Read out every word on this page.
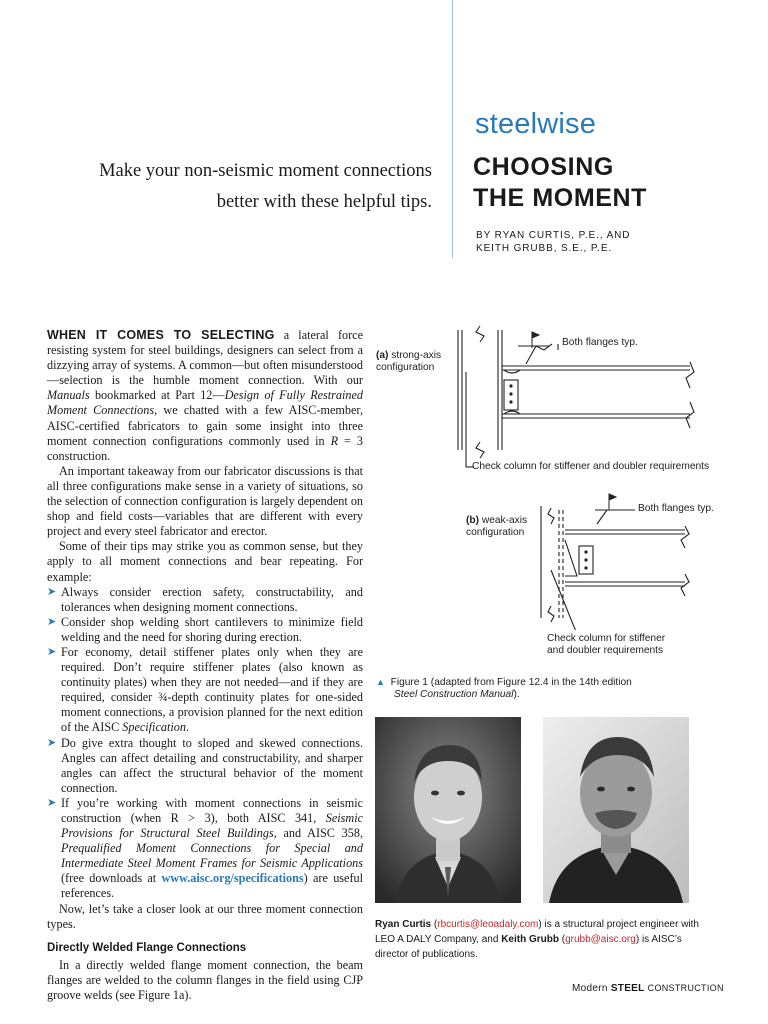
steelwise
Make your non-seismic moment connections
better with these helpful tips.
CHOOSING
THE MOMENT
BY RYAN CURTIS, P.E., AND
KEITH GRUBB, S.E., P.E.

WHEN IT COMES TO SELECTING a lateral force resisting system for steel buildings, designers can select from a dizzying array of systems. A common—but often misunderstood—selection is the humble moment connection. With our Manuals bookmarked at Part 12—Design of Fully Restrained Moment Connections, we chatted with a few AISC-member, AISC-certified fabricators to gain some insight into three moment connection configurations commonly used in R = 3 construction.

An important takeaway from our fabricator discussions is that all three configurations make sense in a variety of situations, so the selection of connection configuration is largely dependent on shop and field costs—variables that are different with every project and every steel fabricator and erector.

Some of their tips may strike you as common sense, but they apply to all moment connections and bear repeating. For example:

➤ Always consider erection safety, constructability, and tolerances when designing moment connections.

➤ Consider shop welding short cantilevers to minimize field welding and the need for shoring during erection.

➤ For economy, detail stiffener plates only when they are required. Don’t require stiffener plates (also known as continuity plates) when they are not needed—and if they are required, consider ¾-depth continuity plates for one-sided moment connections, a provision planned for the next edition of the AISC Specification.

➤ Do give extra thought to sloped and skewed connections. Angles can affect detailing and constructability, and sharper angles can affect the structural behavior of the moment connection.

➤ If you’re working with moment connections in seismic construction (when R > 3), both AISC 341, Seismic Provisions for Structural Steel Buildings, and AISC 358, Prequalified Moment Connections for Special and Intermediate Steel Moment Frames for Seismic Applications (free downloads at www.aisc.org/specifications) are useful references.

Now, let’s take a closer look at our three moment connection types.

Directly Welded Flange Connections

In a directly welded flange moment connection, the beam flanges are welded to the column flanges in the field using CJP groove welds (see Figure 1a).

(a) strong-axis
configuration
Both flanges typ.
Check column for stiffener and doubler requirements
(b) weak-axis
configuration
Both flanges typ.
Check column for stiffener
and doubler requirements
▲ Figure 1 (adapted from Figure 12.4 in the 14th edition
Steel Construction Manual).
Ryan Curtis (rbcurtis@leoadaly.com) is a structural project engineer with LEO A DALY Company, and Keith Grubb (grubb@aisc.org) is AISC’s director of publications.
Modern STEEL CONSTRUCTION
